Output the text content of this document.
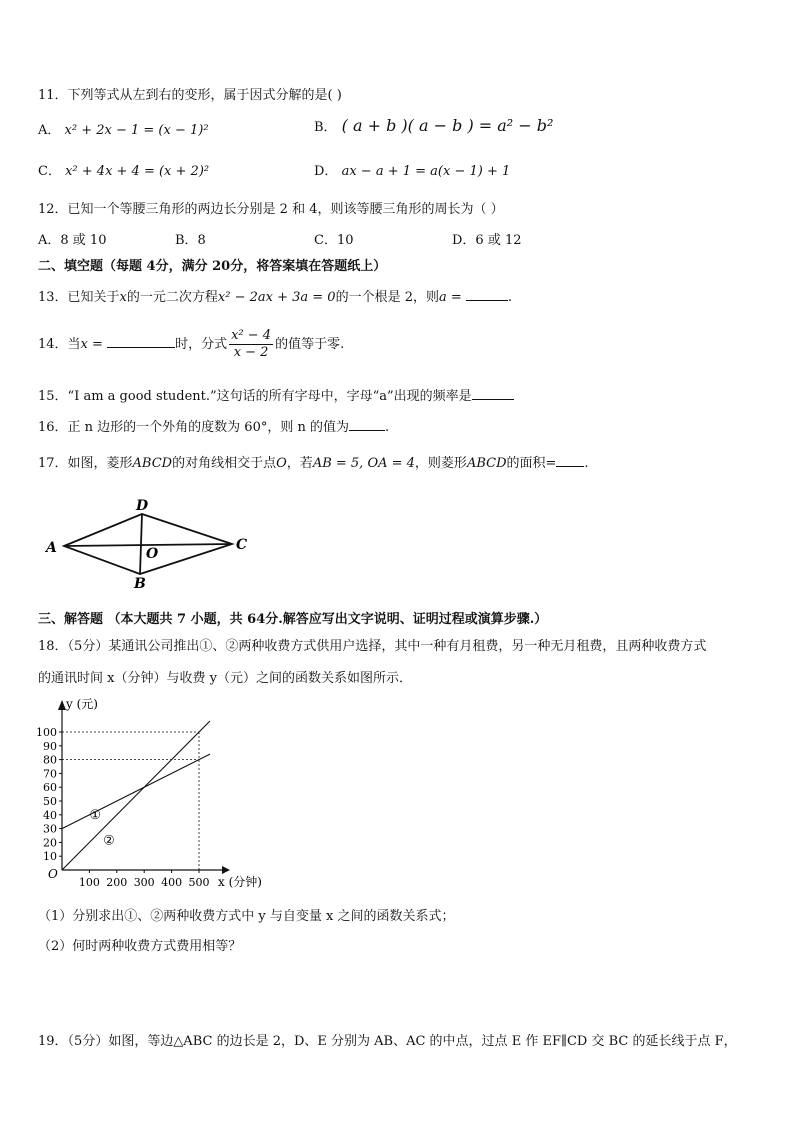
11．下列等式从左到右的变形，属于因式分解的是( )
A． x² + 2x − 1 = (x − 1)²	B． ( a + b )( a − b ) = a² − b²
C． x² + 4x + 4 = (x + 2)²	D． ax − a + 1 = a(x − 1) + 1
12．已知一个等腰三角形的两边长分别是 2 和 4，则该等腰三角形的周长为（ ）
A．8 或 10	B．8	C．10	D．6 或 12
二、填空题（每题 4分，满分 20分，将答案填在答题纸上）
13．已知关于x的一元二次方程x² − 2ax + 3a = 0的一个根是 2，则a =	.
14．当x =	时，分式 $\frac{\text{x² − 4}}{x - 2}$ 的值等于零.
15．“I am a good student.”这句话的所有字母中，字母“a”出现的频率是
16．正 n 边形的一个外角的度数为 60°，则 n 的值为	.
17．如图，菱形ABCD的对角线相交于点O，若AB = 5, OA = 4，则菱形ABCD的面积= .
A
D
C
B
O
三、解答题 （本大题共 7 小题，共 64分.解答应写出文字说明、证明过程或演算步骤.）
18．（5分）某通讯公司推出①、②两种收费方式供用户选择，其中一种有月租费，另一种无月租费，且两种收费方式
的通讯时间 x（分钟）与收费 y（元）之间的函数关系如图所示．
10
20
30
40
50
60
70
80
90
100
100 200 300 400 500
O
y (元)
x (分钟)
①
②
（1）分别求出①、②两种收费方式中 y 与自变量 x 之间的函数关系式；
（2）何时两种收费方式费用相等？
19．（5分）如图，等边△ABC 的边长是 2，D、E 分别为 AB、AC 的中点，过点 E 作 EF∥CD 交 BC 的延长线于点 F，
